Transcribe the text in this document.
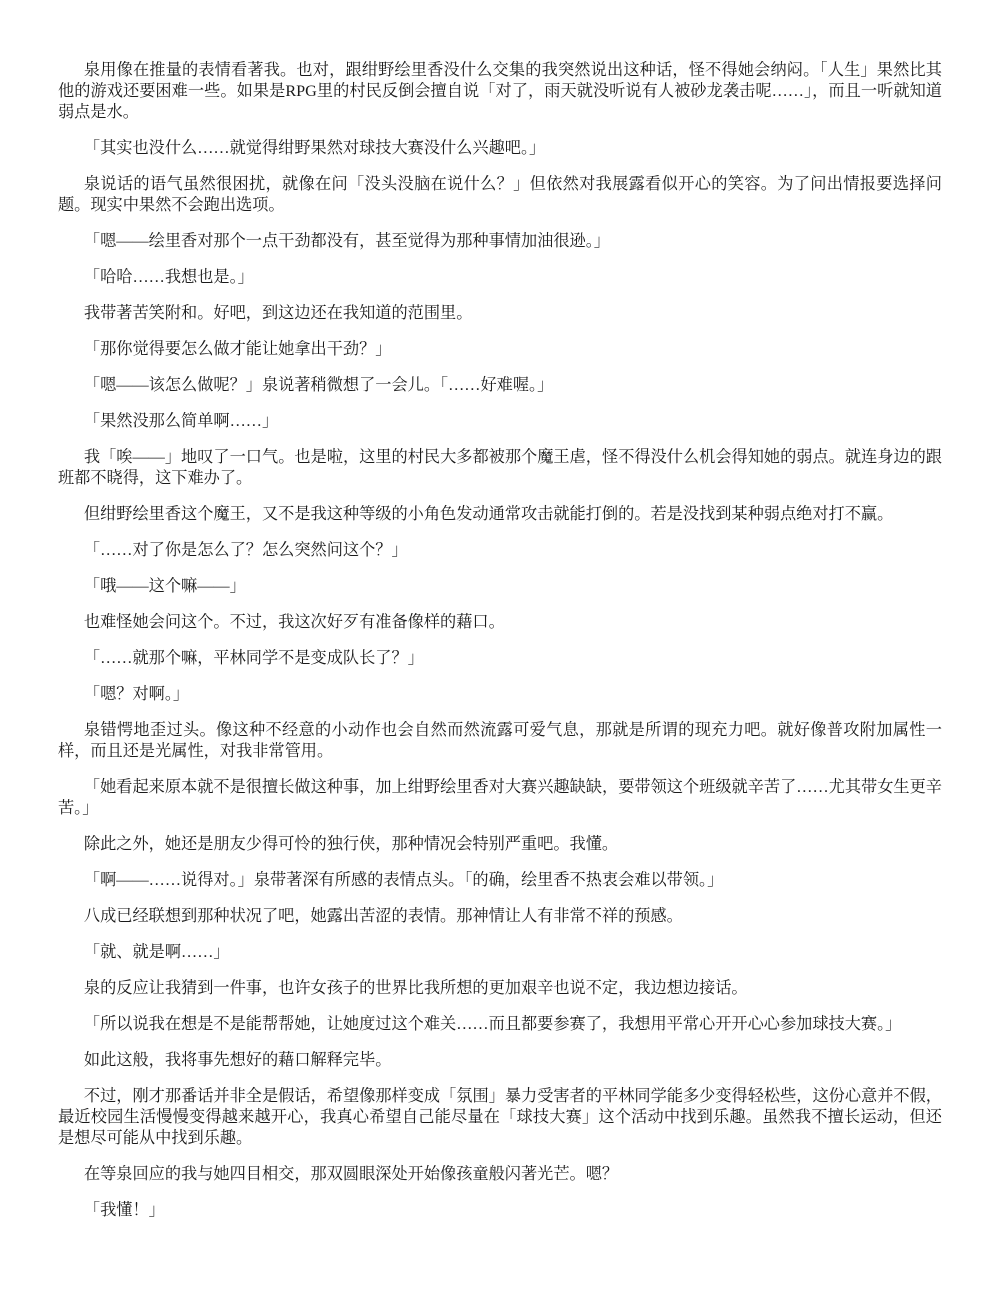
泉用像在推量的表情看著我。也对，跟绀野绘里香没什么交集的我突然说出这种话，怪不得她会纳闷。「人生」果然比其他的游戏还要困难一些。如果是RPG里的村民反倒会擅自说「对了，雨天就没听说有人被砂龙袭击呢……」，而且一听就知道弱点是水。

「其实也没什么……就觉得绀野果然对球技大赛没什么兴趣吧。」

泉说话的语气虽然很困扰，就像在问「没头没脑在说什么？」但依然对我展露看似开心的笑容。为了问出情报要选择问题。现实中果然不会跑出选项。

「嗯——绘里香对那个一点干劲都没有，甚至觉得为那种事情加油很逊。」

「哈哈……我想也是。」

我带著苦笑附和。好吧，到这边还在我知道的范围里。

「那你觉得要怎么做才能让她拿出干劲？」

「嗯——该怎么做呢？」泉说著稍微想了一会儿。「……好难喔。」

「果然没那么简单啊……」

我「唉——」地叹了一口气。也是啦，这里的村民大多都被那个魔王虐，怪不得没什么机会得知她的弱点。就连身边的跟班都不晓得，这下难办了。

但绀野绘里香这个魔王，又不是我这种等级的小角色发动通常攻击就能打倒的。若是没找到某种弱点绝对打不赢。

「……对了你是怎么了？怎么突然问这个？」

「哦——这个嘛——」

也难怪她会问这个。不过，我这次好歹有准备像样的藉口。

「……就那个嘛，平林同学不是变成队长了？」

「嗯？对啊。」

泉错愕地歪过头。像这种不经意的小动作也会自然而然流露可爱气息，那就是所谓的现充力吧。就好像普攻附加属性一样，而且还是光属性，对我非常管用。

「她看起来原本就不是很擅长做这种事，加上绀野绘里香对大赛兴趣缺缺，要带领这个班级就辛苦了……尤其带女生更辛苦。」

除此之外，她还是朋友少得可怜的独行侠，那种情况会特别严重吧。我懂。

「啊——……说得对。」泉带著深有所感的表情点头。「的确，绘里香不热衷会难以带领。」

八成已经联想到那种状况了吧，她露出苦涩的表情。那神情让人有非常不祥的预感。

「就、就是啊……」

泉的反应让我猜到一件事，也许女孩子的世界比我所想的更加艰辛也说不定，我边想边接话。

「所以说我在想是不是能帮帮她，让她度过这个难关……而且都要参赛了，我想用平常心开开心心参加球技大赛。」

如此这般，我将事先想好的藉口解释完毕。

不过，刚才那番话并非全是假话，希望像那样变成「氛围」暴力受害者的平林同学能多少变得轻松些，这份心意并不假，最近校园生活慢慢变得越来越开心，我真心希望自己能尽量在「球技大赛」这个活动中找到乐趣。虽然我不擅长运动，但还是想尽可能从中找到乐趣。

在等泉回应的我与她四目相交，那双圆眼深处开始像孩童般闪著光芒。嗯？

「我懂！」
